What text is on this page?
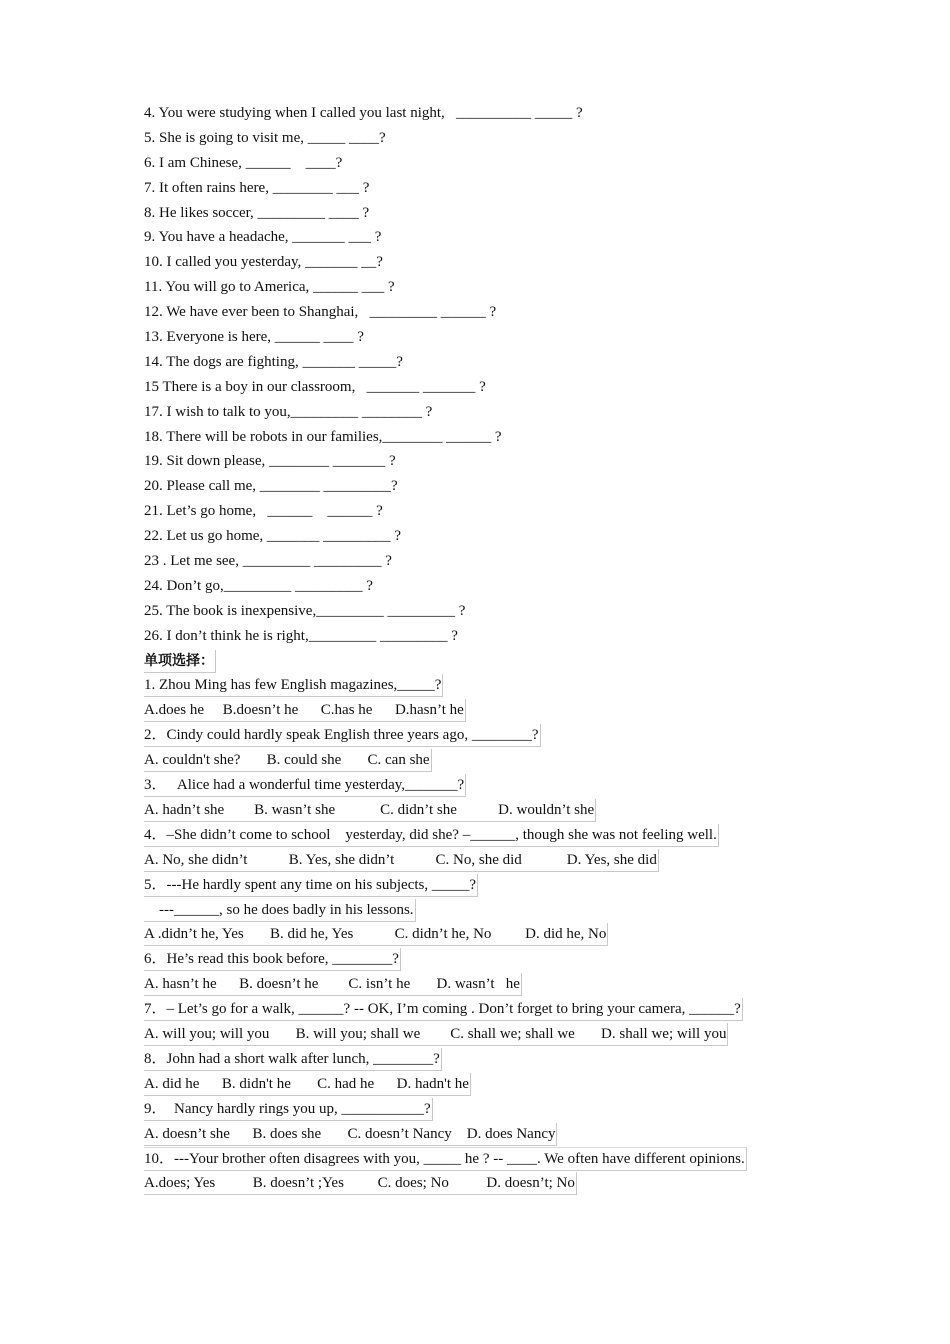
4. You were studying when I called you last night,   __________ _____ ?
5. She is going to visit me, _____ ____?
6. I am Chinese, ______    ____?
7. It often rains here, ________ ___ ?
8. He likes soccer, _________ ____ ?
9. You have a headache, _______ ___ ?
10. I called you yesterday, _______ __?
11. You will go to America, ______ ___ ?
12. We have ever been to Shanghai,   _________ ______ ?
13. Everyone is here, ______ ____ ?
14. The dogs are fighting, _______ _____?
15 There is a boy in our classroom,   _______ _______ ?
17. I wish to talk to you,_________ ________ ?
18. There will be robots in our families,________ ______ ?
19. Sit down please, ________ _______ ?
20. Please call me, ________ _________?
21. Let’s go home,   ______    ______ ?
22. Let us go home, _______ _________ ?
23 . Let me see, _________ _________ ?
24. Don’t go,_________ _________ ?
25. The book is inexpensive,_________ _________ ?
26. I don’t think he is right,_________ _________ ?
单项选择：
1. Zhou Ming has few English magazines,_____?
A.does he     B.doesn’t he      C.has he      D.hasn’t he
2．Cindy could hardly speak English three years ago, ________?
A. couldn't she?       B. could she       C. can she
3．   Alice had a wonderful time yesterday,_______?
A. hadn’t she        B. wasn’t she            C. didn’t she           D. wouldn’t she
4．–She didn’t come to school    yesterday, did she? –______, though she was not feeling well.
A. No, she didn’t           B. Yes, she didn’t           C. No, she did            D. Yes, she did
5．---He hardly spent any time on his subjects, _____?
---______, so he does badly in his lessons.
A .didn’t he, Yes       B. did he, Yes           C. didn’t he, No         D. did he, No
6．He’s read this book before, ________?
A. hasn’t he      B. doesn’t he        C. isn’t he       D. wasn’t   he
7．– Let’s go for a walk, ______? -- OK, I’m coming . Don’t forget to bring your camera, ______?
A. will you; will you       B. will you; shall we        C. shall we; shall we       D. shall we; will you
8．John had a short walk after lunch, ________?
A. did he      B. didn't he       C. had he      D. hadn't he
9．  Nancy hardly rings you up, ___________?
A. doesn’t she      B. does she       C. doesn’t Nancy    D. does Nancy
10．---Your brother often disagrees with you, _____ he ? -- ____. We often have different opinions.
A.does; Yes          B. doesn’t ;Yes         C. does; No          D. doesn’t; No
